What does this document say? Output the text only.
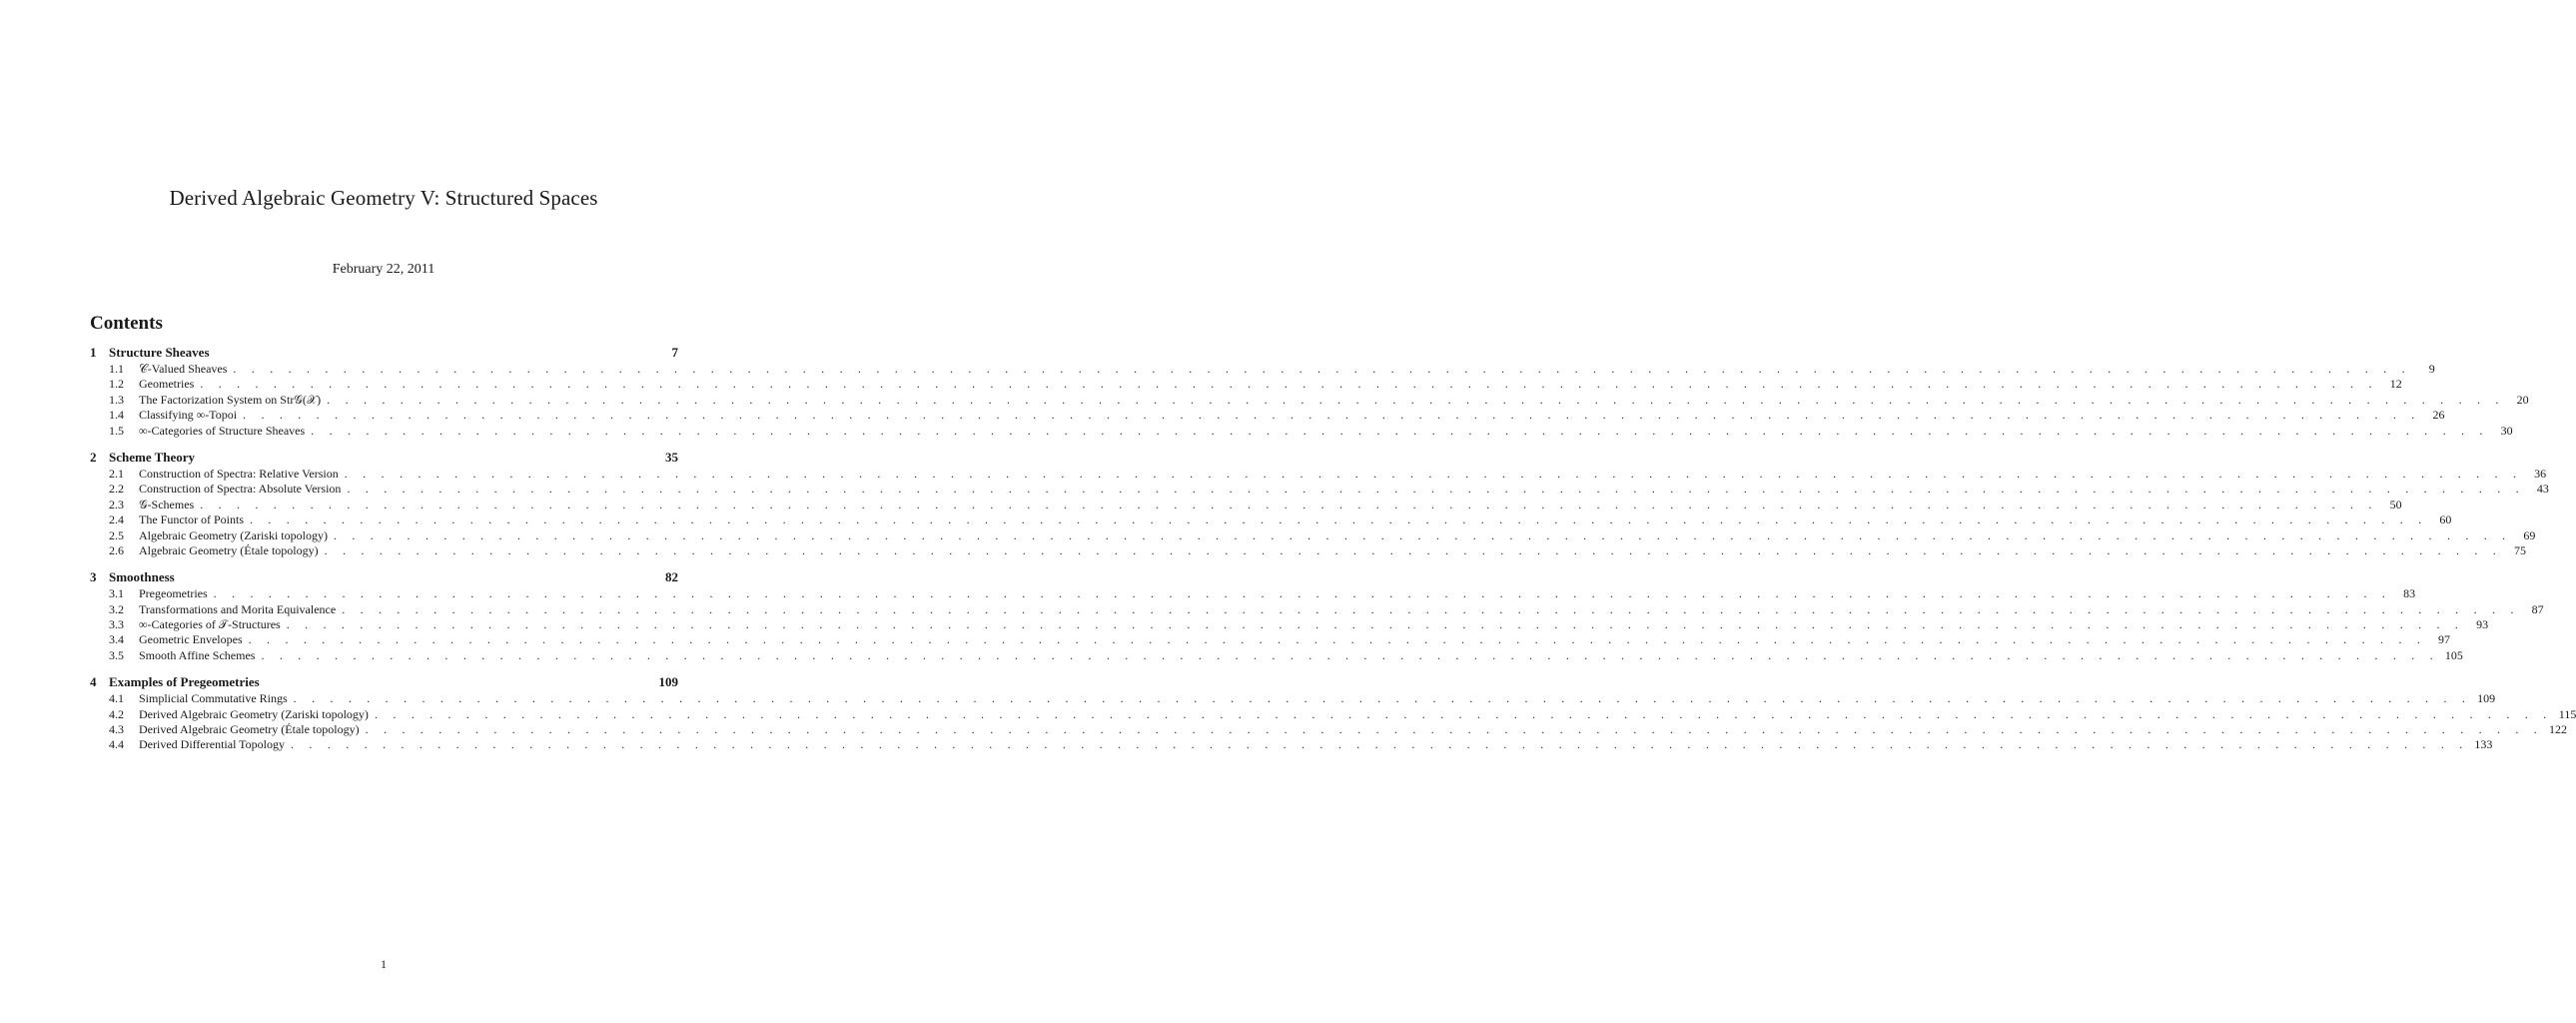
Derived Algebraic Geometry V: Structured Spaces
February 22, 2011
Contents
1 Structure Sheaves	7
1.1	𝒞-Valued Sheaves . . . . . . . . . . . . . . . . . . . . . . . . . . . . . . . . . . . . . . . . . . . . . . . . . . . . . . . . . . . . . . . . . . . . . . . . . . . . . . . . . . . . . . . . . . . . . . . . . . . . . . . . . . . . . . . . . . . . . . .	9
1.2	Geometries . . . . . . . . . . . . . . . . . . . . . . . . . . . . . . . . . . . . . . . . . . . . . . . . . . . . . . . . . . . . . . . . . . . . . . . . . . . . . . . . . . . . . . . . . . . . . . . . . . . . . . . . . . . . . . . . . . . . . . .	12
1.3	The Factorization System on Str𝒢(𝒳) . . . . . . . . . . . . . . . . . . . . . . . . . . . . . . . . . . . . . . . . . . . . . . . . . . . . . . . . . . . . . . . . . . . . . . . . . . . . . . . . . . . . . . . . . . . . . . . . . . . . . . . . . . . . . . . . . . . . . . .	20
1.4	Classifying ∞-Topoi . . . . . . . . . . . . . . . . . . . . . . . . . . . . . . . . . . . . . . . . . . . . . . . . . . . . . . . . . . . . . . . . . . . . . . . . . . . . . . . . . . . . . . . . . . . . . . . . . . . . . . . . . . . . . . . . . . . . . . .	26
1.5	∞-Categories of Structure Sheaves . . . . . . . . . . . . . . . . . . . . . . . . . . . . . . . . . . . . . . . . . . . . . . . . . . . . . . . . . . . . . . . . . . . . . . . . . . . . . . . . . . . . . . . . . . . . . . . . . . . . . . . . . . . . . . . . . . . . . . .	30
2 Scheme Theory	35
2.1	Construction of Spectra: Relative Version . . . . . . . . . . . . . . . . . . . . . . . . . . . . . . . . . . . . . . . . . . . . . . . . . . . . . . . . . . . . . . . . . . . . . . . . . . . . . . . . . . . . . . . . . . . . . . . . . . . . . . . . . . . . . . . . . . . . . . .	36
2.2	Construction of Spectra: Absolute Version . . . . . . . . . . . . . . . . . . . . . . . . . . . . . . . . . . . . . . . . . . . . . . . . . . . . . . . . . . . . . . . . . . . . . . . . . . . . . . . . . . . . . . . . . . . . . . . . . . . . . . . . . . . . . . . . . . . . . . .	43
2.3	𝒢-Schemes . . . . . . . . . . . . . . . . . . . . . . . . . . . . . . . . . . . . . . . . . . . . . . . . . . . . . . . . . . . . . . . . . . . . . . . . . . . . . . . . . . . . . . . . . . . . . . . . . . . . . . . . . . . . . . . . . . . . . . .	50
2.4	The Functor of Points . . . . . . . . . . . . . . . . . . . . . . . . . . . . . . . . . . . . . . . . . . . . . . . . . . . . . . . . . . . . . . . . . . . . . . . . . . . . . . . . . . . . . . . . . . . . . . . . . . . . . . . . . . . . . . . . . . . . . . .	60
2.5	Algebraic Geometry (Zariski topology) . . . . . . . . . . . . . . . . . . . . . . . . . . . . . . . . . . . . . . . . . . . . . . . . . . . . . . . . . . . . . . . . . . . . . . . . . . . . . . . . . . . . . . . . . . . . . . . . . . . . . . . . . . . . . . . . . . . . . . .	69
2.6	Algebraic Geometry (Étale topology) . . . . . . . . . . . . . . . . . . . . . . . . . . . . . . . . . . . . . . . . . . . . . . . . . . . . . . . . . . . . . . . . . . . . . . . . . . . . . . . . . . . . . . . . . . . . . . . . . . . . . . . . . . . . . . . . . . . . . . .	75
3 Smoothness	82
3.1	Pregeometries . . . . . . . . . . . . . . . . . . . . . . . . . . . . . . . . . . . . . . . . . . . . . . . . . . . . . . . . . . . . . . . . . . . . . . . . . . . . . . . . . . . . . . . . . . . . . . . . . . . . . . . . . . . . . . . . . . . . . . .	83
3.2	Transformations and Morita Equivalence . . . . . . . . . . . . . . . . . . . . . . . . . . . . . . . . . . . . . . . . . . . . . . . . . . . . . . . . . . . . . . . . . . . . . . . . . . . . . . . . . . . . . . . . . . . . . . . . . . . . . . . . . . . . . . . . . . . . . . .	87
3.3	∞-Categories of 𝒯-Structures . . . . . . . . . . . . . . . . . . . . . . . . . . . . . . . . . . . . . . . . . . . . . . . . . . . . . . . . . . . . . . . . . . . . . . . . . . . . . . . . . . . . . . . . . . . . . . . . . . . . . . . . . . . . . . . . . . . . . . .	93
3.4	Geometric Envelopes . . . . . . . . . . . . . . . . . . . . . . . . . . . . . . . . . . . . . . . . . . . . . . . . . . . . . . . . . . . . . . . . . . . . . . . . . . . . . . . . . . . . . . . . . . . . . . . . . . . . . . . . . . . . . . . . . . . . . . .	97
3.5	Smooth Affine Schemes . . . . . . . . . . . . . . . . . . . . . . . . . . . . . . . . . . . . . . . . . . . . . . . . . . . . . . . . . . . . . . . . . . . . . . . . . . . . . . . . . . . . . . . . . . . . . . . . . . . . . . . . . . . . . . . . . . . . . . . 105
4 Examples of Pregeometries	109
4.1	Simplicial Commutative Rings . . . . . . . . . . . . . . . . . . . . . . . . . . . . . . . . . . . . . . . . . . . . . . . . . . . . . . . . . . . . . . . . . . . . . . . . . . . . . . . . . . . . . . . . . . . . . . . . . . . . . . . . . . . . . . . . . . . . . . . 109
4.2	Derived Algebraic Geometry (Zariski topology) . . . . . . . . . . . . . . . . . . . . . . . . . . . . . . . . . . . . . . . . . . . . . . . . . . . . . . . . . . . . . . . . . . . . . . . . . . . . . . . . . . . . . . . . . . . . . . . . . . . . . . . . . . . . . . . . . . . . . . . 115
4.3	Derived Algebraic Geometry (Étale topology) . . . . . . . . . . . . . . . . . . . . . . . . . . . . . . . . . . . . . . . . . . . . . . . . . . . . . . . . . . . . . . . . . . . . . . . . . . . . . . . . . . . . . . . . . . . . . . . . . . . . . . . . . . . . . . . . . . . . . . . 122
4.4	Derived Differential Topology . . . . . . . . . . . . . . . . . . . . . . . . . . . . . . . . . . . . . . . . . . . . . . . . . . . . . . . . . . . . . . . . . . . . . . . . . . . . . . . . . . . . . . . . . . . . . . . . . . . . . . . . . . . . . . . . . . . . . . . 133
1
